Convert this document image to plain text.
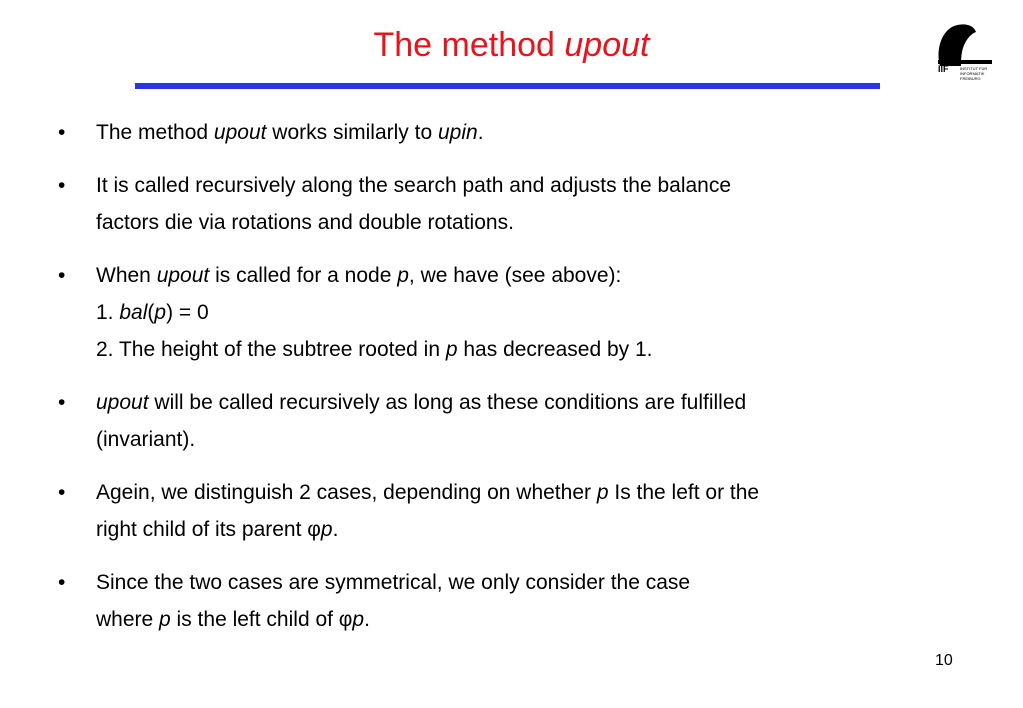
The method upout
IIF	INSTITUT FÜR
INFORMATIK
FREIBURG
• The method upout works similarly to upin.
• It is called recursively along the search path and adjusts the balance
factors die via rotations and double rotations.
• When upout is called for a node p, we have (see above):
1. bal(p) = 0
2. The height of the subtree rooted in p has decreased by 1.
• upout will be called recursively as long as these conditions are fulfilled
(invariant).
• Agein, we distinguish 2 cases, depending on whether p Is the left or the
right child of its parent φp.
• Since the two cases are symmetrical, we only consider the case
where p is the left child of φp.
10
